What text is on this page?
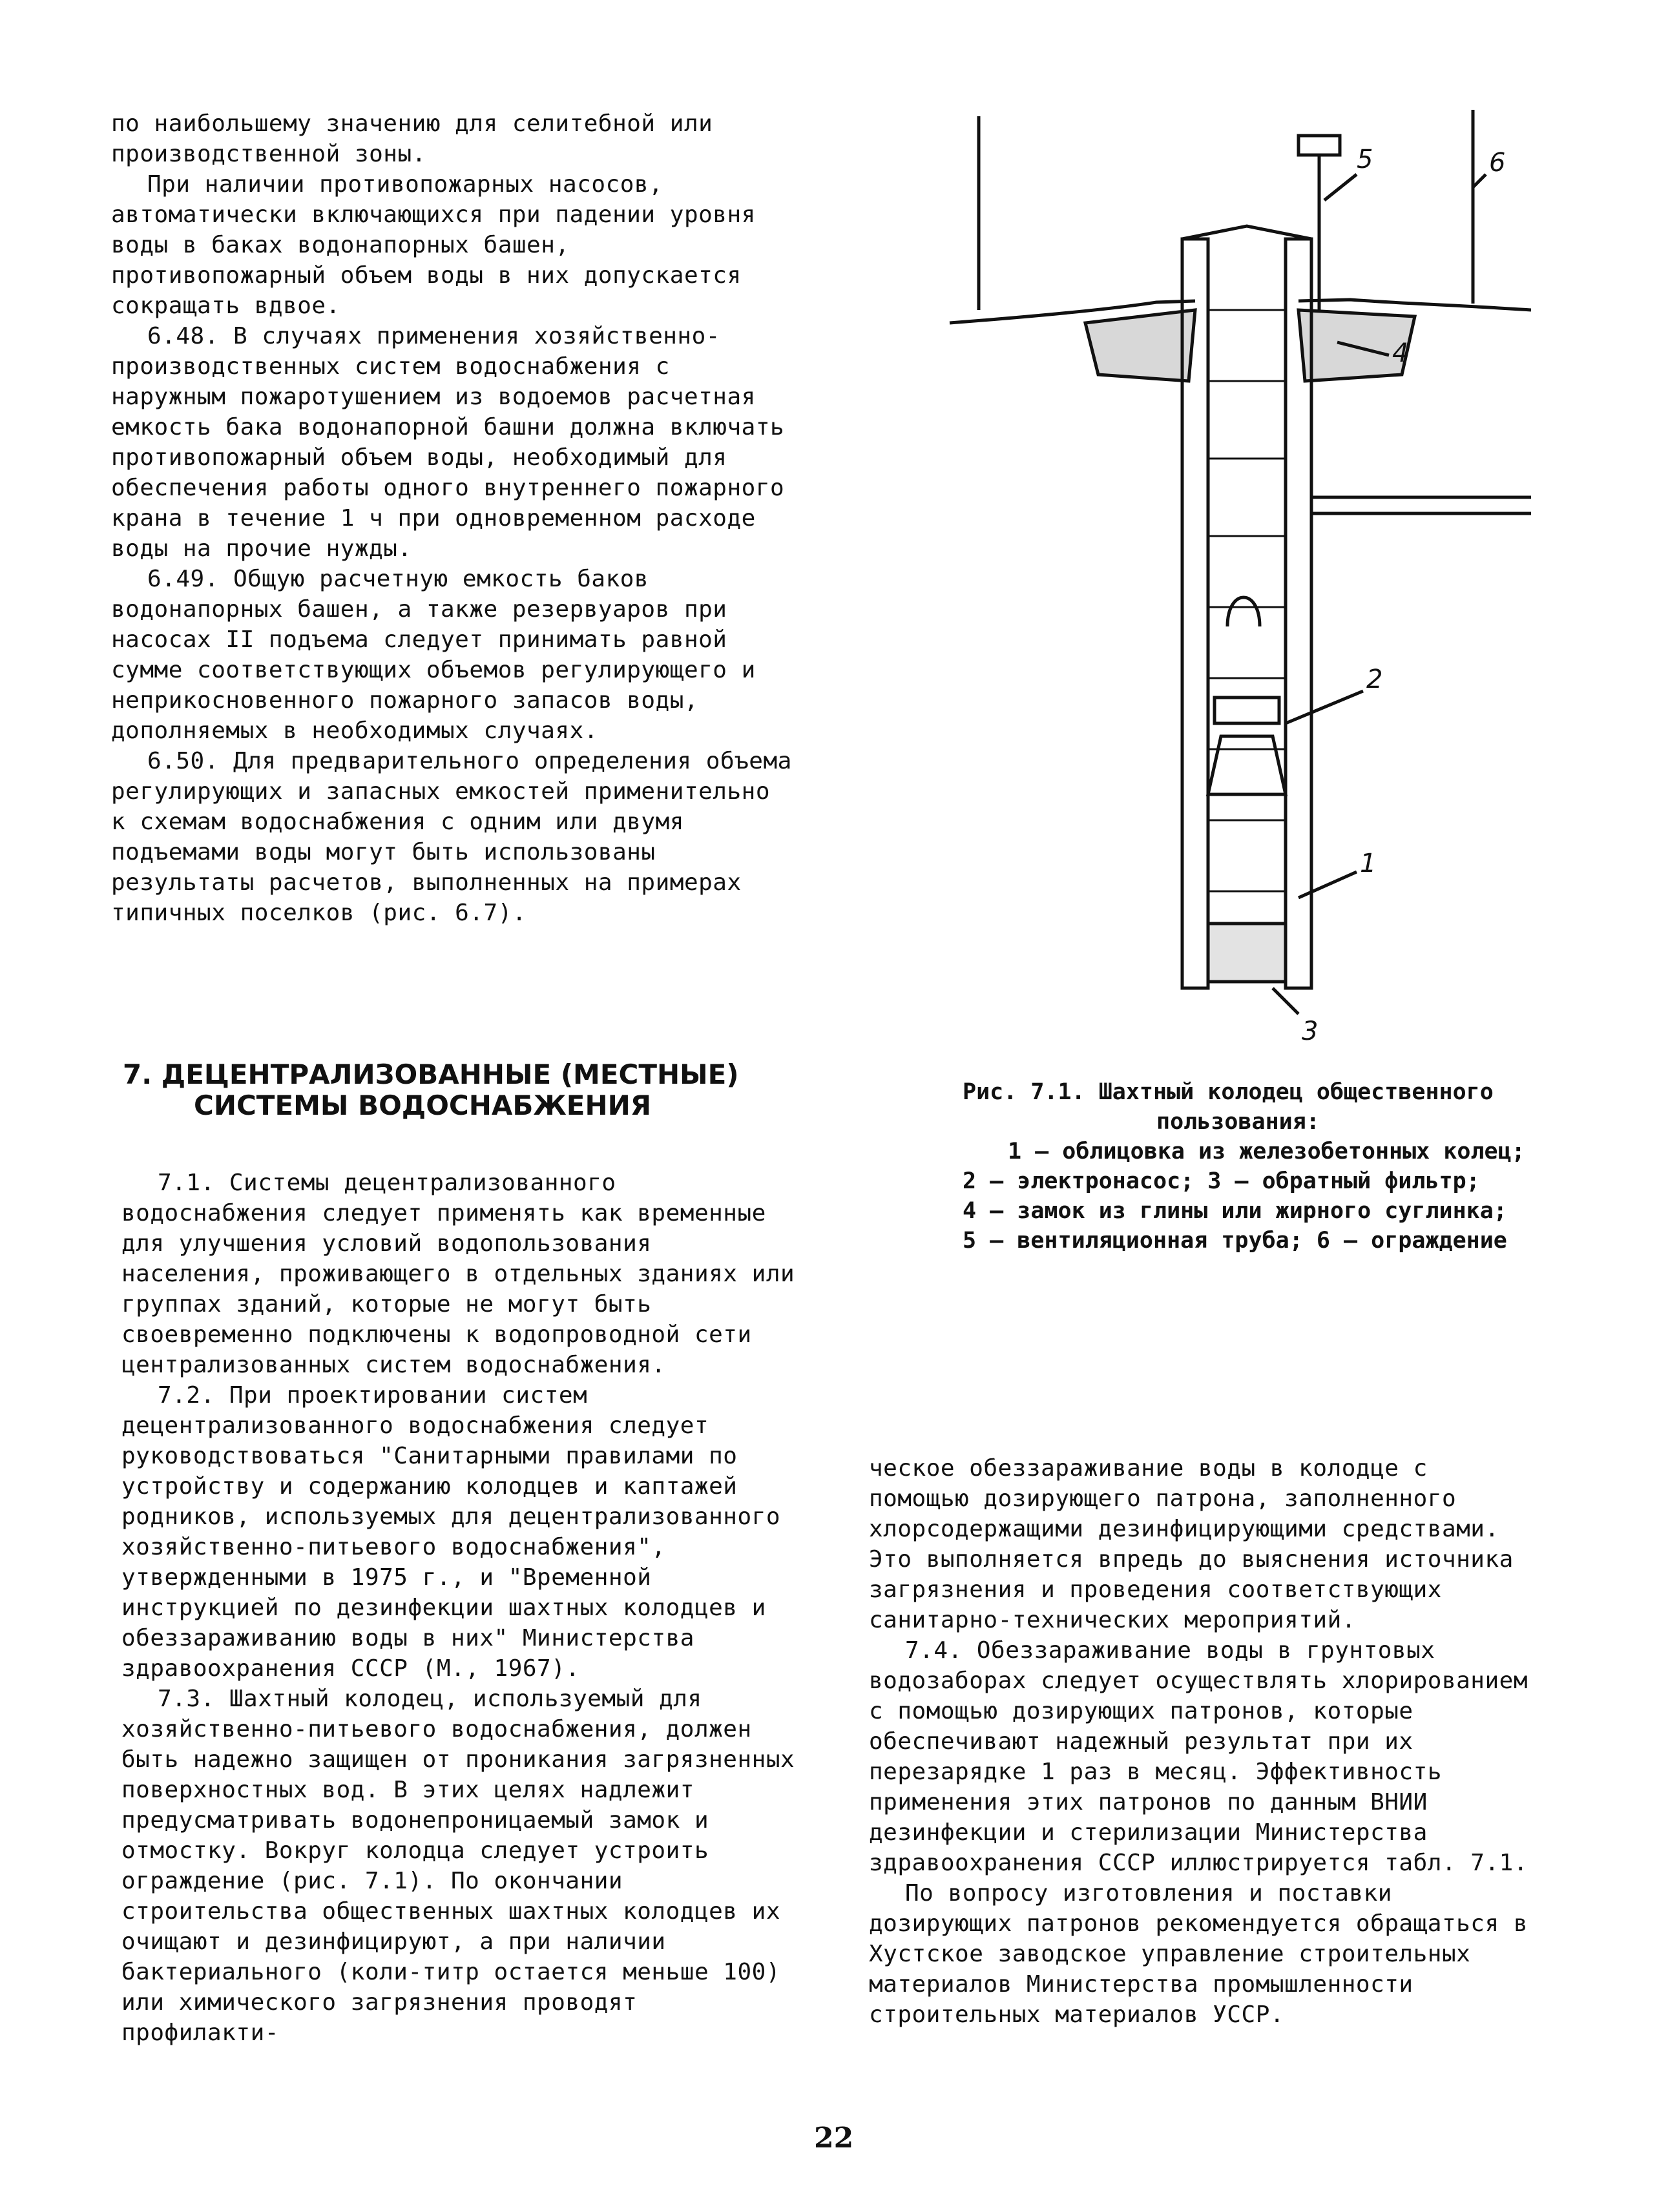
по наибольшему значению для селитебной или производственной зоны.

При наличии противопожарных насосов, автоматически включающихся при падении уровня воды в баках водонапорных башен, противопожарный объем воды в них допускается сокращать вдвое.

6.48. В случаях применения хозяйственно-производственных систем водоснабжения с наружным пожаротушением из водоемов расчетная емкость бака водонапорной башни должна включать противопожарный объем воды, необходимый для обеспечения работы одного внутреннего пожарного крана в течение 1 ч при одновременном расходе воды на прочие нужды.

6.49. Общую расчетную емкость баков водонапорных башен, а также резервуаров при насосах II подъема следует принимать равной сумме соответствующих объемов регулирующего и неприкосновенного пожарного запасов воды, дополняемых в необходимых случаях.

6.50. Для предварительного определения объема регулирующих и запасных емкостей применительно к схемам водоснабжения с одним или двумя подъемами воды могут быть использованы результаты расчетов, выполненных на примерах типичных поселков (рис. 6.7).

7. ДЕЦЕНТРАЛИЗОВАННЫЕ (МЕСТНЫЕ)
СИСТЕМЫ ВОДОСНАБЖЕНИЯ

7.1. Системы децентрализованного водоснабжения следует применять как временные для улучшения условий водопользования населения, проживающего в отдельных зданиях или группах зданий, которые не могут быть своевременно подключены к водопроводной сети централизованных систем водоснабжения.

7.2. При проектировании систем децентрализованного водоснабжения следует руководствоваться "Санитарными правилами по устройству и содержанию колодцев и каптажей родников, используемых для децентрализованного хозяйственно-питьевого водоснабжения", утвержденными в 1975 г., и "Временной инструкцией по дезинфекции шахтных колодцев и обеззараживанию воды в них" Министерства здравоохранения СССР (М., 1967).

7.3. Шахтный колодец, используемый для хозяйственно-питьевого водоснабжения, должен быть надежно защищен от проникания загрязненных поверхностных вод. В этих целях надлежит предусматривать водонепроницаемый замок и отмостку. Вокруг колодца следует устроить ограждение (рис. 7.1). По окончании строительства общественных шахтных колодцев их очищают и дезинфицируют, а при наличии бактериального (коли-титр остается меньше 100) или химического загрязнения проводят профилакти-

5	6
4
2
1
3
Рис. 7.1. Шахтный колодец общественного
пользования:
1 – облицовка из железобетонных колец;
2 – электронасос; 3 – обратный фильтр;
4 – замок из глины или жирного суглинка;
5 – вентиляционная труба; 6 – ограждение

ческое обеззараживание воды в колодце с помощью дозирующего патрона, заполненного хлорсодержащими дезинфицирующими средствами. Это выполняется впредь до выяснения источника загрязнения и проведения соответствующих санитарно-технических мероприятий.

7.4. Обеззараживание воды в грунтовых водозаборах следует осуществлять хлорированием с помощью дозирующих патронов, которые обеспечивают надежный результат при их перезарядке 1 раз в месяц. Эффективность применения этих патронов по данным ВНИИ дезинфекции и стерилизации Министерства здравоохранения СССР иллюстрируется табл. 7.1.

По вопросу изготовления и поставки дозирующих патронов рекомендуется обращаться в Хустское заводское управление строительных материалов Министерства промышленности строительных материалов УССР.

22
